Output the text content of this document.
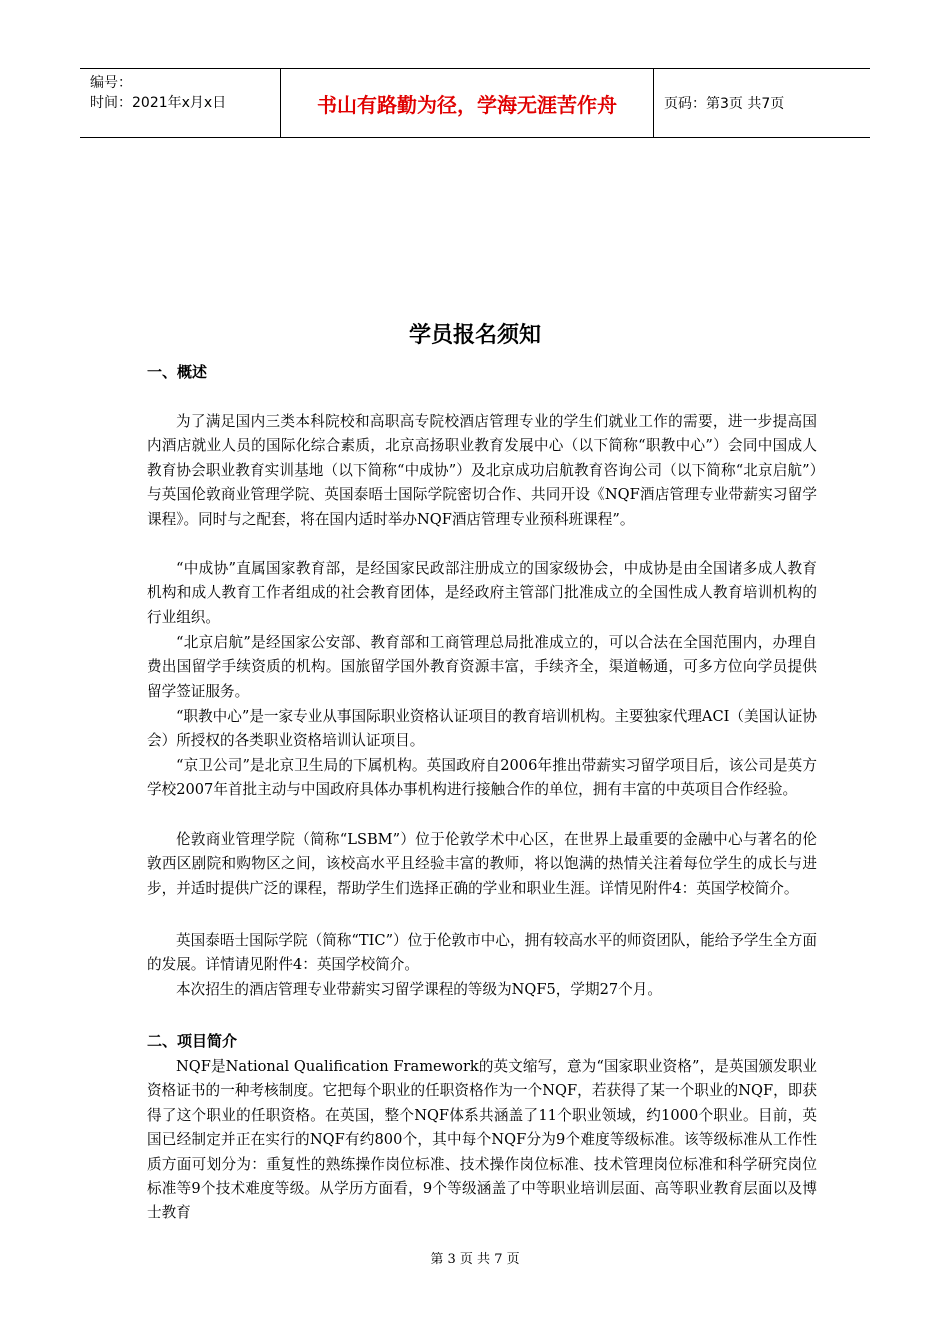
编号：
时间：2021年x月x日	书山有路勤为径，学海无涯苦作舟	页码：第3页 共7页
学员报名须知
一、概述

为了满足国内三类本科院校和高职高专院校酒店管理专业的学生们就业工作的需要，进一步提高国内酒店就业人员的国际化综合素质，北京高扬职业教育发展中心（以下简称“职教中心”）会同中国成人教育协会职业教育实训基地（以下简称“中成协”）及北京成功启航教育咨询公司（以下简称“北京启航”）与英国伦敦商业管理学院、英国泰晤士国际学院密切合作、共同开设《NQF酒店管理专业带薪实习留学课程》。同时与之配套，将在国内适时举办NQF酒店管理专业预科班课程”。

“中成协”直属国家教育部，是经国家民政部注册成立的国家级协会，中成协是由全国诸多成人教育机构和成人教育工作者组成的社会教育团体，是经政府主管部门批准成立的全国性成人教育培训机构的行业组织。

“北京启航”是经国家公安部、教育部和工商管理总局批准成立的，可以合法在全国范围内，办理自费出国留学手续资质的机构。国旅留学国外教育资源丰富，手续齐全，渠道畅通，可多方位向学员提供留学签证服务。

“职教中心”是一家专业从事国际职业资格认证项目的教育培训机构。主要独家代理ACI（美国认证协会）所授权的各类职业资格培训认证项目。

“京卫公司”是北京卫生局的下属机构。英国政府自2006年推出带薪实习留学项目后，该公司是英方学校2007年首批主动与中国政府具体办事机构进行接触合作的单位，拥有丰富的中英项目合作经验。

伦敦商业管理学院（简称“LSBM”）位于伦敦学术中心区，在世界上最重要的金融中心与著名的伦敦西区剧院和购物区之间，该校高水平且经验丰富的教师，将以饱满的热情关注着每位学生的成长与进步，并适时提供广泛的课程，帮助学生们选择正确的学业和职业生涯。详情见附件4：英国学校简介。

英国泰晤士国际学院（简称“TIC”）位于伦敦市中心，拥有较高水平的师资团队，能给予学生全方面的发展。详情请见附件4：英国学校简介。

本次招生的酒店管理专业带薪实习留学课程的等级为NQF5，学期27个月。

二、项目简介

NQF是National Qualification Framework的英文缩写，意为“国家职业资格”，是英国颁发职业资格证书的一种考核制度。它把每个职业的任职资格作为一个NQF，若获得了某一个职业的NQF，即获得了这个职业的任职资格。在英国，整个NQF体系共涵盖了11个职业领域，约1000个职业。目前，英国已经制定并正在实行的NQF有约800个，其中每个NQF分为9个难度等级标准。该等级标准从工作性质方面可划分为：重复性的熟练操作岗位标准、技术操作岗位标准、技术管理岗位标准和科学研究岗位标准等9个技术难度等级。从学历方面看，9个等级涵盖了中等职业培训层面、高等职业教育层面以及博士教育

第 3 页 共 7 页
